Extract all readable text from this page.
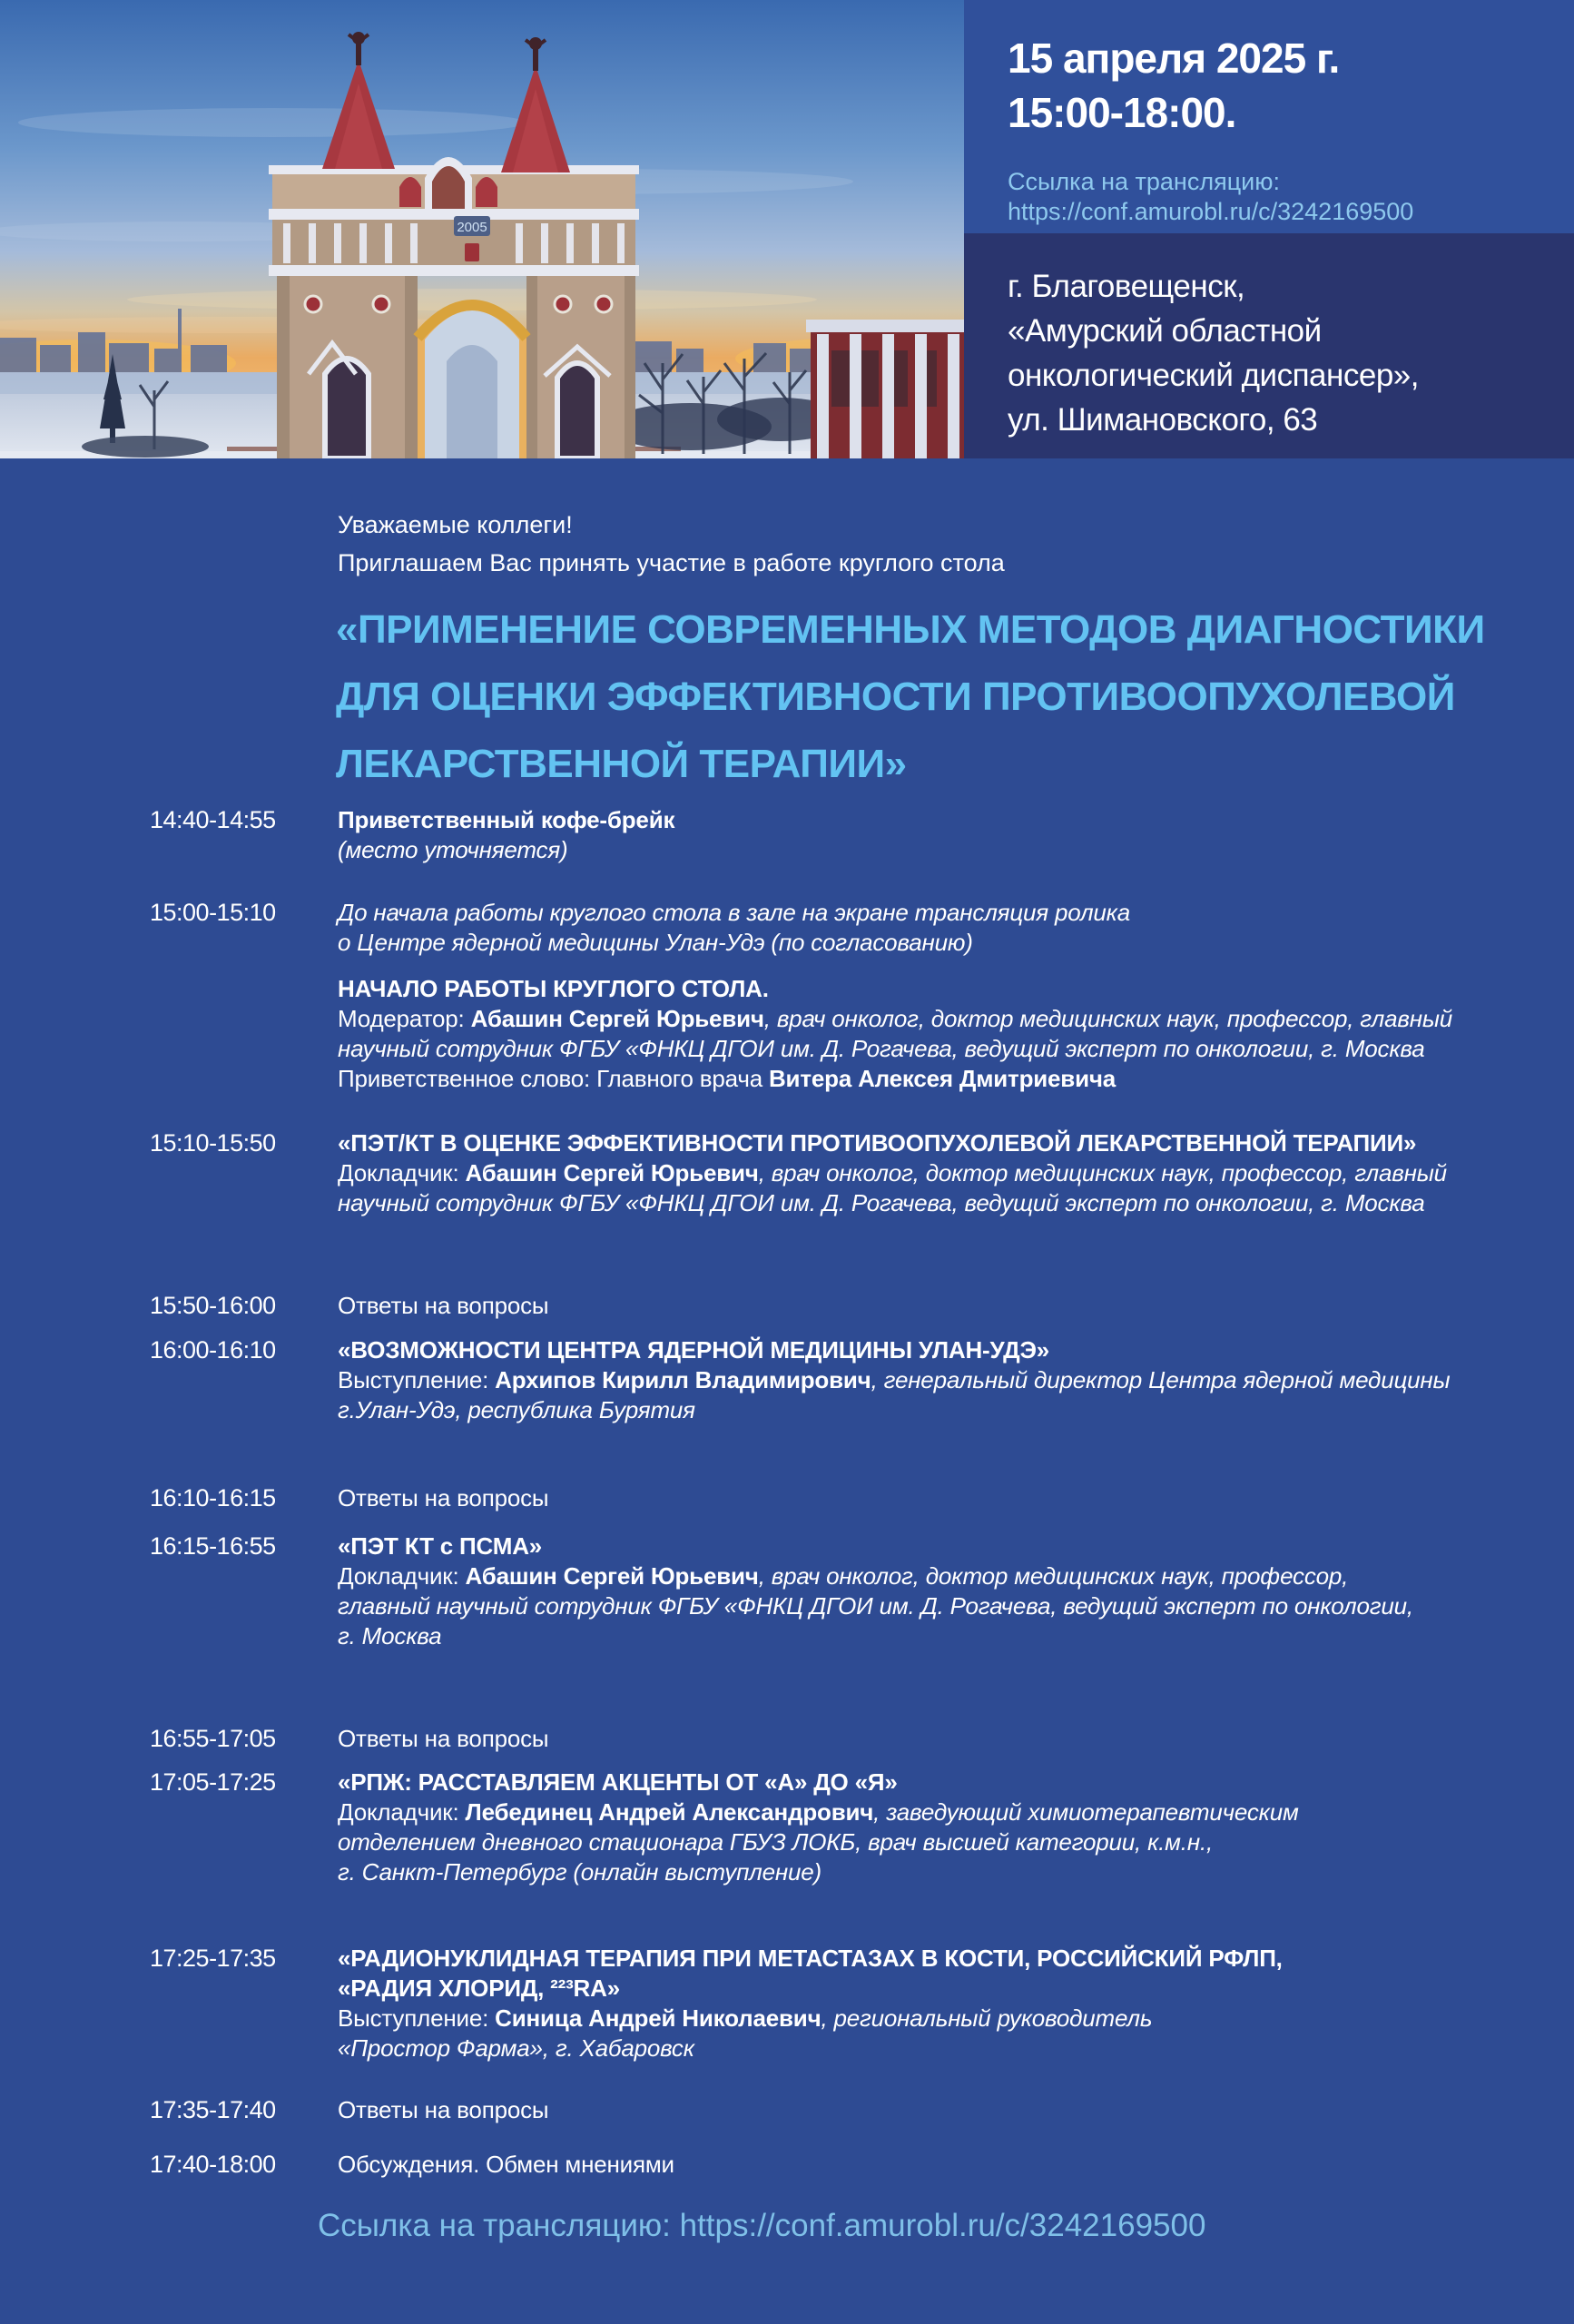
2005
15 апреля 2025 г.
15:00-18:00.
Ссылка на трансляцию:
https://conf.amurobl.ru/c/3242169500
г. Благовещенск,
«Амурский областной
онкологический диспансер»,
ул. Шимановского, 63
Уважаемые коллеги!
Приглашаем Вас принять участие в работе круглого стола
«ПРИМЕНЕНИЕ СОВРЕМЕННЫХ МЕТОДОВ ДИАГНОСТИКИ
ДЛЯ ОЦЕНКИ ЭФФЕКТИВНОСТИ ПРОТИВООПУХОЛЕВОЙ
ЛЕКАРСТВЕННОЙ ТЕРАПИИ»
14:40-14:55	Приветственный кофе-брейк
(место уточняется)
15:00-15:10	До начала работы круглого стола в зале на экране трансляция ролика
о Центре ядерной медицины Улан-Удэ (по согласованию)
НАЧАЛО РАБОТЫ КРУГЛОГО СТОЛА.
Модератор: Абашин Сергей Юрьевич, врач онколог, доктор медицинских наук, профессор, главный
научный сотрудник ФГБУ «ФНКЦ ДГОИ им. Д. Рогачева, ведущий эксперт по онкологии, г. Москва
Приветственное слово: Главного врача Витера Алексея Дмитриевича
15:10-15:50	«ПЭТ/КТ В ОЦЕНКЕ ЭФФЕКТИВНОСТИ ПРОТИВООПУХОЛЕВОЙ ЛЕКАРСТВЕННОЙ ТЕРАПИИ»
Докладчик: Абашин Сергей Юрьевич, врач онколог, доктор медицинских наук, профессор, главный
научный сотрудник ФГБУ «ФНКЦ ДГОИ им. Д. Рогачева, ведущий эксперт по онкологии, г. Москва
15:50-16:00	Ответы на вопросы
16:00-16:10	«ВОЗМОЖНОСТИ ЦЕНТРА ЯДЕРНОЙ МЕДИЦИНЫ УЛАН-УДЭ»
Выступление: Архипов Кирилл Владимирович, генеральный директор Центра ядерной медицины
г.Улан-Удэ, республика Бурятия
16:10-16:15	Ответы на вопросы
16:15-16:55	«ПЭТ КТ с ПСМА»
Докладчик: Абашин Сергей Юрьевич, врач онколог, доктор медицинских наук, профессор,
главный научный сотрудник ФГБУ «ФНКЦ ДГОИ им. Д. Рогачева, ведущий эксперт по онкологии,
г. Москва
16:55-17:05	Ответы на вопросы
17:05-17:25	«РПЖ: РАССТАВЛЯЕМ АКЦЕНТЫ ОТ «А» ДО «Я»
Докладчик: Лебединец Андрей Александрович, заведующий химиотерапевтическим
отделением дневного стационара ГБУЗ ЛОКБ, врач высшей категории, к.м.н.,
г. Санкт-Петербург (онлайн выступление)
17:25-17:35	«РАДИОНУКЛИДНАЯ ТЕРАПИЯ ПРИ МЕТАСТАЗАХ В КОСТИ, РОССИЙСКИЙ РФЛП,
«РАДИЯ ХЛОРИД, ²²³RA»
Выступление: Синица Андрей Николаевич, региональный руководитель
«Простор Фарма», г. Хабаровск
17:35-17:40	Ответы на вопросы
17:40-18:00	Обсуждения. Обмен мнениями
Ссылка на трансляцию: https://conf.amurobl.ru/c/3242169500
